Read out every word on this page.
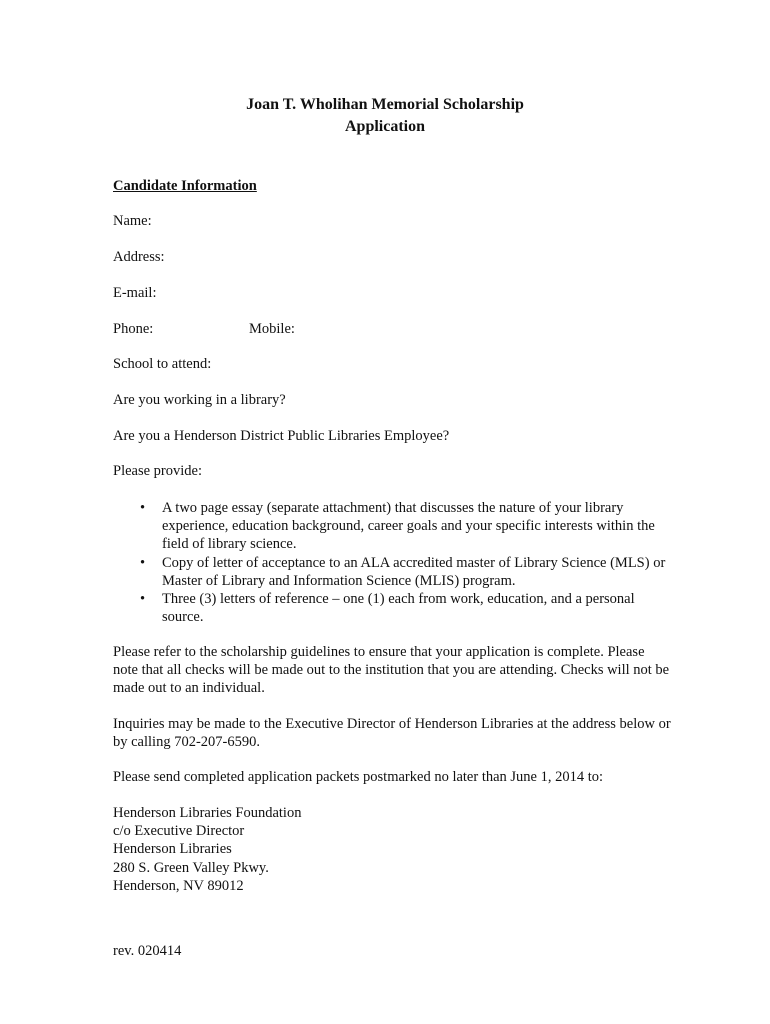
Joan T. Wholihan Memorial Scholarship
Application
Candidate Information
Name:
Address:
E-mail:
Phone:	Mobile:
School to attend:
Are you working in a library?
Are you a Henderson District Public Libraries Employee?
Please provide:
• A two page essay (separate attachment) that discusses the nature of your library experience, education background, career goals and your specific interests within the field of library science.
• Copy of letter of acceptance to an ALA accredited master of Library Science (MLS) or Master of Library and Information Science (MLIS) program.
• Three (3) letters of reference – one (1) each from work, education, and a personal source.
Please refer to the scholarship guidelines to ensure that your application is complete. Please note that all checks will be made out to the institution that you are attending. Checks will not be made out to an individual.
Inquiries may be made to the Executive Director of Henderson Libraries at the address below or by calling 702-207-6590.
Please send completed application packets postmarked no later than June 1, 2014 to:
Henderson Libraries Foundation
c/o Executive Director
Henderson Libraries
280 S. Green Valley Pkwy.
Henderson, NV 89012
rev. 020414
